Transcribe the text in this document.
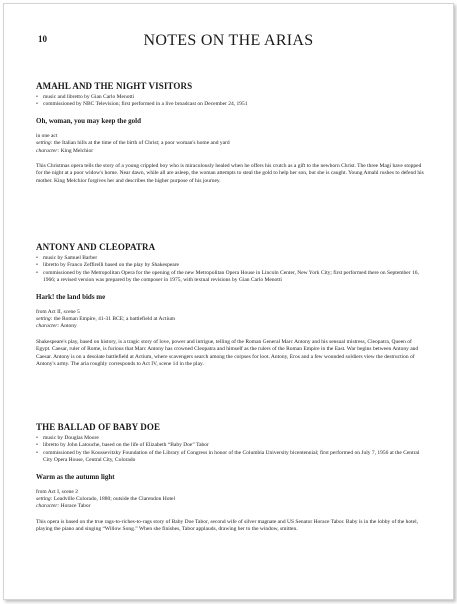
10	NOTES ON THE ARIAS
AMAHL AND THE NIGHT VISITORS
• music and libretto by Gian Carlo Menotti
• commissioned by NBC Television; first performed in a live broadcast on December 24, 1951
Oh, woman, you may keep the gold
in one act
setting: the Italian hills at the time of the birth of Christ; a poor woman's home and yard
character: King Melchior
This Christmas opera tells the story of a young crippled boy who is miraculously healed when he offers his crutch as a gift to the newborn Christ. The three Magi have stopped for the night at a poor widow's home. Near dawn, while all are asleep, the woman attempts to steal the gold to help her son, but she is caught. Young Amahl rushes to defend his mother. King Melchior forgives her and describes the higher purpose of his journey.
ANTONY AND CLEOPATRA
• music by Samuel Barber
• libretto by Franco Zeffirelli based on the play by Shakespeare
• commissioned by the Metropolitan Opera for the opening of the new Metropolitan Opera House in Lincoln Center, New York City; first performed there on September 16, 1966; a revised version was prepared by the composer in 1975, with textual revisions by Gian Carlo Menotti
Hark! the land bids me
from Act II, scene 5
setting: the Roman Empire, 41-31 BCE; a battlefield at Actium
character: Antony
Shakespeare's play, based on history, is a tragic story of love, power and intrigue, telling of the Roman General Marc Antony and his sensual mistress, Cleopatra, Queen of Egypt. Caesar, ruler of Rome, is furious that Marc Antony has crowned Cleopatra and himself as the rulers of the Roman Empire in the East. War begins between Antony and Caesar. Antony is on a desolate battlefield at Actium, where scavengers search among the corpses for loot. Antony, Eros and a few wounded soldiers view the destruction of Antony's army. The aria roughly corresponds to Act IV, scene 14 in the play.
THE BALLAD OF BABY DOE
• music by Douglas Moore
• libretto by John Latouche, based on the life of Elizabeth “Baby Doe” Tabor
• commissioned by the Koussevitzky Foundation of the Library of Congress in honor of the Columbia University bicentennial; first performed on July 7, 1956 at the Central City Opera House, Central City, Colorado
Warm as the autumn light
from Act I, scene 2
setting: Leadville Colorado, 1880; outside the Clarendon Hotel
character: Horace Tabor
This opera is based on the true rags-to-riches-to-rags story of Baby Doe Tabor, second wife of silver magnate and US Senator Horace Tabor. Baby is in the lobby of the hotel, playing the piano and singing “Willow Song.” When she finishes, Tabor applauds, drawing her to the window, smitten.
